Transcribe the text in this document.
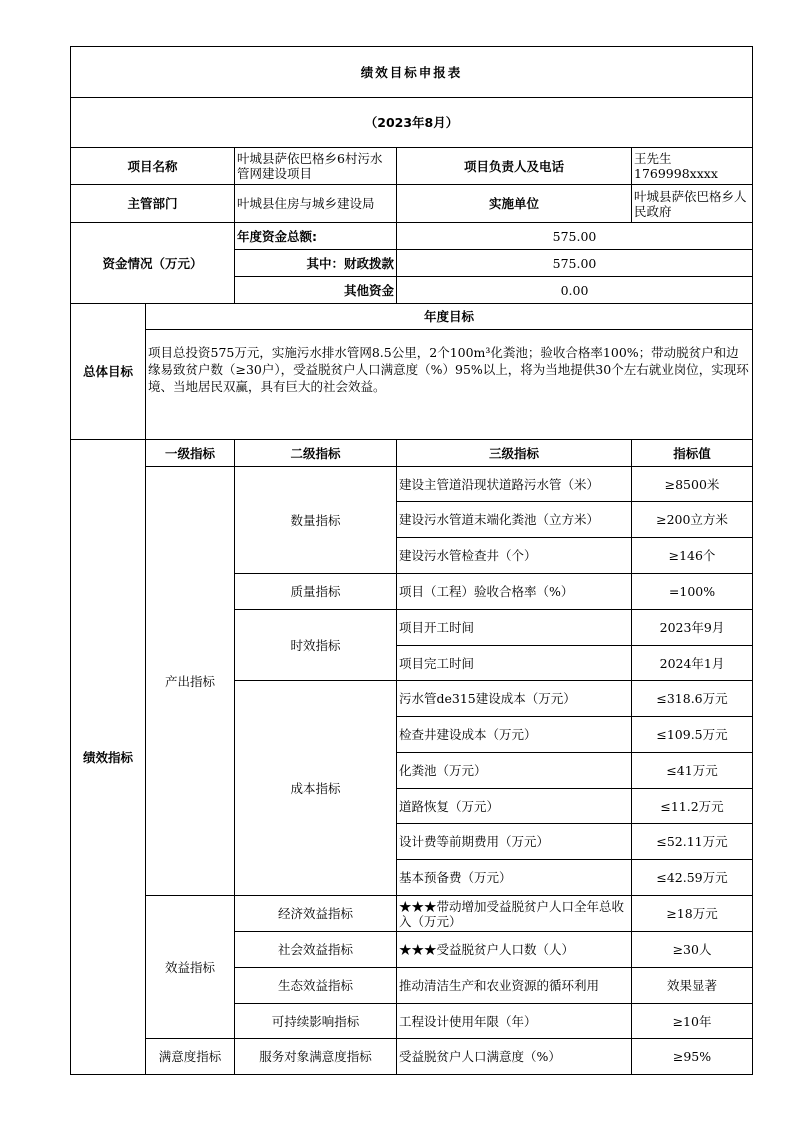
绩效目标申报表				
（2023年8月）				
项目名称		叶城县萨依巴格乡6村污水管网建设项目	项目负责人及电话	王先生1769998xxxx
主管部门		叶城县住房与城乡建设局	实施单位	叶城县萨依巴格乡人民政府
资金情况（万元）		年度资金总额:	575.00	
		其中：财政拨款	575.00	
		其他资金	0.00	
总体目标	年度目标			
	项目总投资575万元，实施污水排水管网8.5公里，2个100m³化粪池；验收合格率100%；带动脱贫户和边缘易致贫户数（≥30户），受益脱贫户人口满意度（%）95%以上，将为当地提供30个左右就业岗位，实现环境、当地居民双赢，具有巨大的社会效益。			
绩效指标	一级指标	二级指标	三级指标	指标值
	产出指标	数量指标	建设主管道沿现状道路污水管（米）	≥8500米
			建设污水管道末端化粪池（立方米）	≥200立方米
			建设污水管检查井（个）	≥146个
		质量指标	项目（工程）验收合格率（%）	=100%
		时效指标	项目开工时间	2023年9月
			项目完工时间	2024年1月
		成本指标	污水管de315建设成本（万元）	≤318.6万元
			检查井建设成本（万元）	≤109.5万元
			化粪池（万元）	≤41万元
			道路恢复（万元）	≤11.2万元
			设计费等前期费用（万元）	≤52.11万元
			基本预备费（万元）	≤42.59万元
	效益指标	经济效益指标	★★★带动增加受益脱贫户人口全年总收入（万元）	≥18万元
		社会效益指标	★★★受益脱贫户人口数（人）	≥30人
		生态效益指标	推动清洁生产和农业资源的循环利用	效果显著
		可持续影响指标	工程设计使用年限（年）	≥10年
	满意度指标	服务对象满意度指标	受益脱贫户人口满意度（%）	≥95%
